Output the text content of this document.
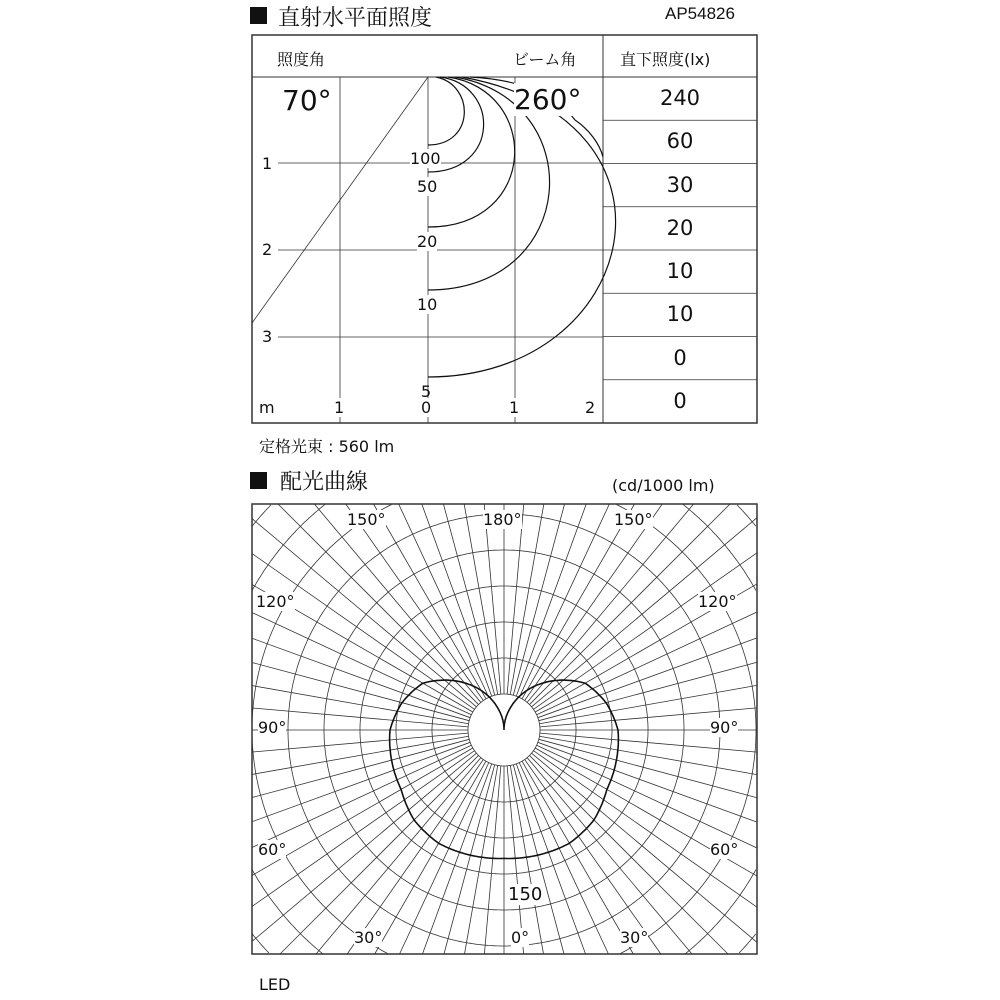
直射水平面照度	AP54826
照度角	ビーム角	直下照度(lx)
70°	260°	240
60
30
20
10
10
0
0
1
2
3
m	1	0	1	2
100
50
20
10
5
定格光束 : 560 lm
配光曲線	(cd/1000 lm)
150°	180°	150°
120°	120°
90°	90°
60°	60°
30°	0°	30°
150
LED
